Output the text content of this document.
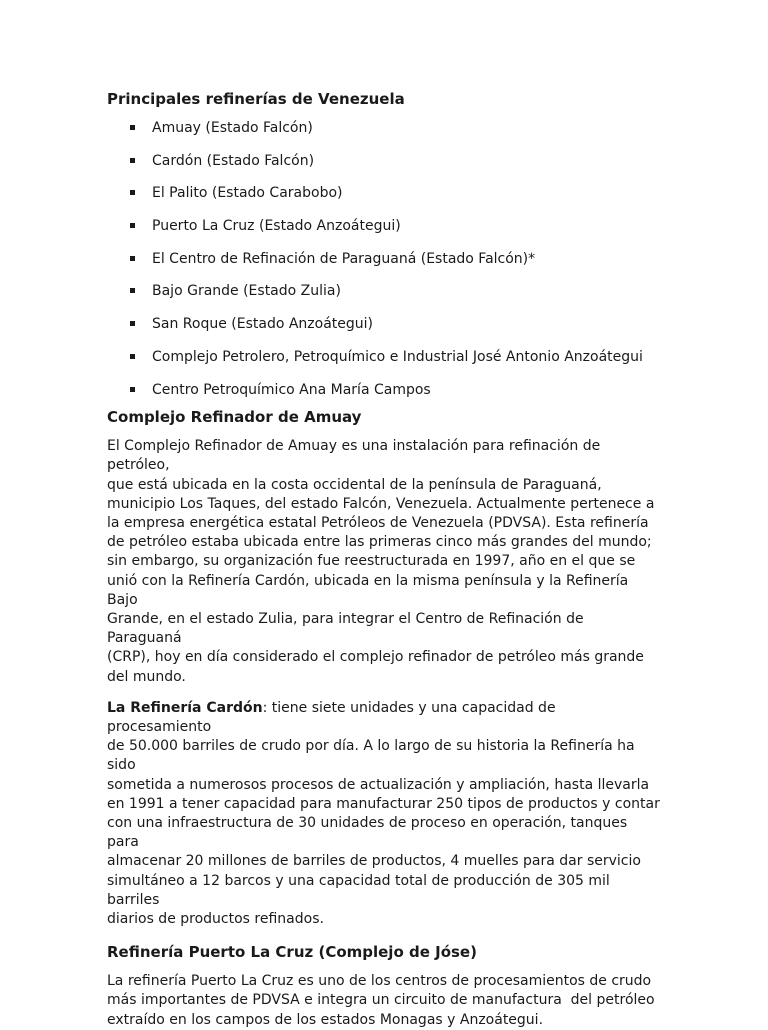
Principales refinerías de Venezuela
Amuay (Estado Falcón)
Cardón (Estado Falcón)
El Palito (Estado Carabobo)
Puerto La Cruz (Estado Anzoátegui)
El Centro de Refinación de Paraguaná (Estado Falcón)*
Bajo Grande (Estado Zulia)
San Roque (Estado Anzoátegui)
Complejo Petrolero, Petroquímico e Industrial José Antonio Anzoátegui
Centro Petroquímico Ana María Campos
Complejo Refinador de Amuay

El Complejo Refinador de Amuay es una instalación para refinación de petróleo,
que está ubicada en la costa occidental de la península de Paraguaná,
municipio Los Taques, del estado Falcón, Venezuela. Actualmente pertenece a
la empresa energética estatal Petróleos de Venezuela (PDVSA). Esta refinería
de petróleo estaba ubicada entre las primeras cinco más grandes del mundo;
sin embargo, su organización fue reestructurada en 1997, año en el que se
unió con la Refinería Cardón, ubicada en la misma península y la Refinería Bajo
Grande, en el estado Zulia, para integrar el Centro de Refinación de Paraguaná
(CRP), hoy en día considerado el complejo refinador de petróleo más grande
del mundo.

La Refinería Cardón: tiene siete unidades y una capacidad de procesamiento
de 50.000 barriles de crudo por día. A lo largo de su historia la Refinería ha sido
sometida a numerosos procesos de actualización y ampliación, hasta llevarla
en 1991 a tener capacidad para manufacturar 250 tipos de productos y contar
con una infraestructura de 30 unidades de proceso en operación, tanques para
almacenar 20 millones de barriles de productos, 4 muelles para dar servicio
simultáneo a 12 barcos y una capacidad total de producción de 305 mil barriles
diarios de productos refinados.

Refinería Puerto La Cruz (Complejo de Jóse)

La refinería Puerto La Cruz es uno de los centros de procesamientos de crudo
más importantes de PDVSA e integra un circuito de manufactura  del petróleo
extraído en los campos de los estados Monagas y Anzoátegui.
